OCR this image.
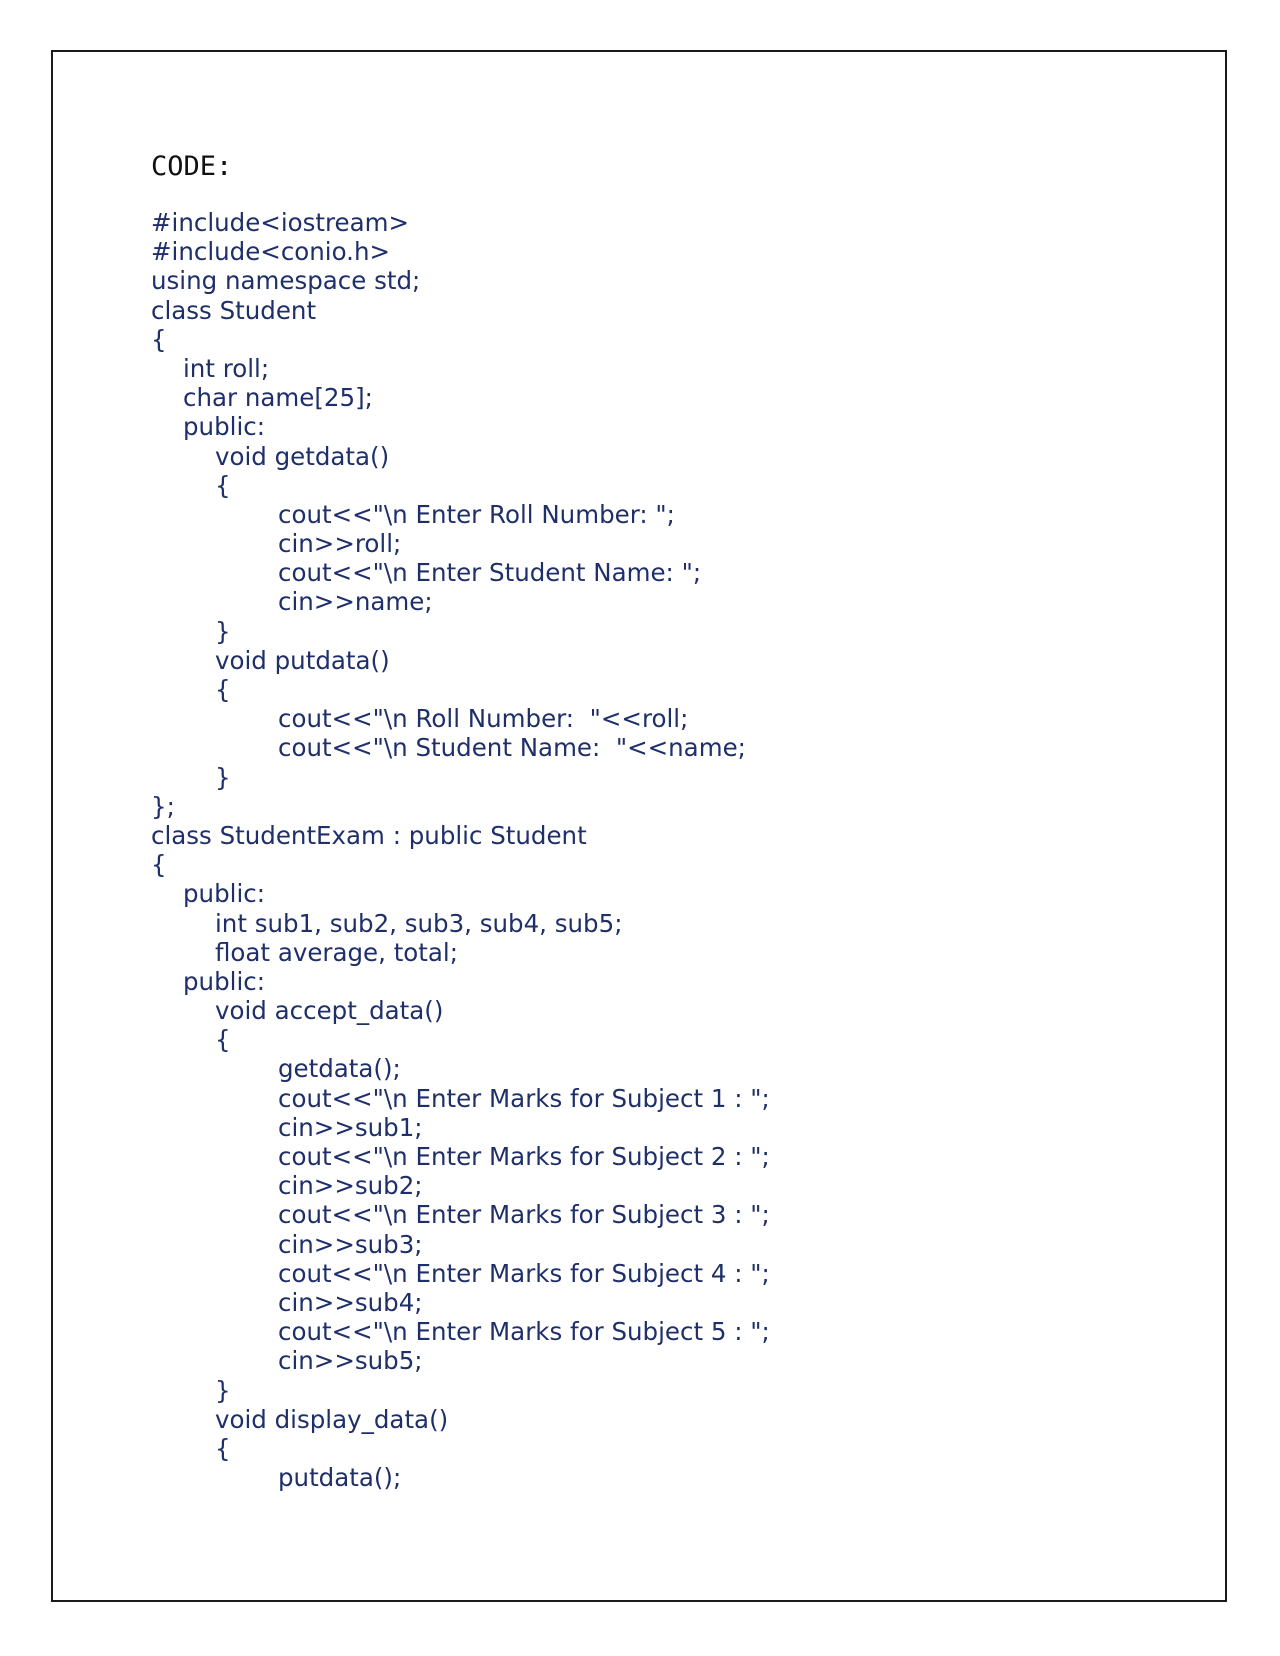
CODE:
#include<iostream>
#include<conio.h>
using namespace std;
class Student
{
int roll;
char name[25];
public:
void getdata()
{
cout<<"\n Enter Roll Number: ";
cin>>roll;
cout<<"\n Enter Student Name: ";
cin>>name;
}
void putdata()
{
cout<<"\n Roll Number:  "<<roll;
cout<<"\n Student Name:  "<<name;
}
};
class StudentExam : public Student
{
public:
int sub1, sub2, sub3, sub4, sub5;
float average, total;
public:
void accept_data()
{
getdata();
cout<<"\n Enter Marks for Subject 1 : ";
cin>>sub1;
cout<<"\n Enter Marks for Subject 2 : ";
cin>>sub2;
cout<<"\n Enter Marks for Subject 3 : ";
cin>>sub3;
cout<<"\n Enter Marks for Subject 4 : ";
cin>>sub4;
cout<<"\n Enter Marks for Subject 5 : ";
cin>>sub5;
}
void display_data()
{
putdata();
